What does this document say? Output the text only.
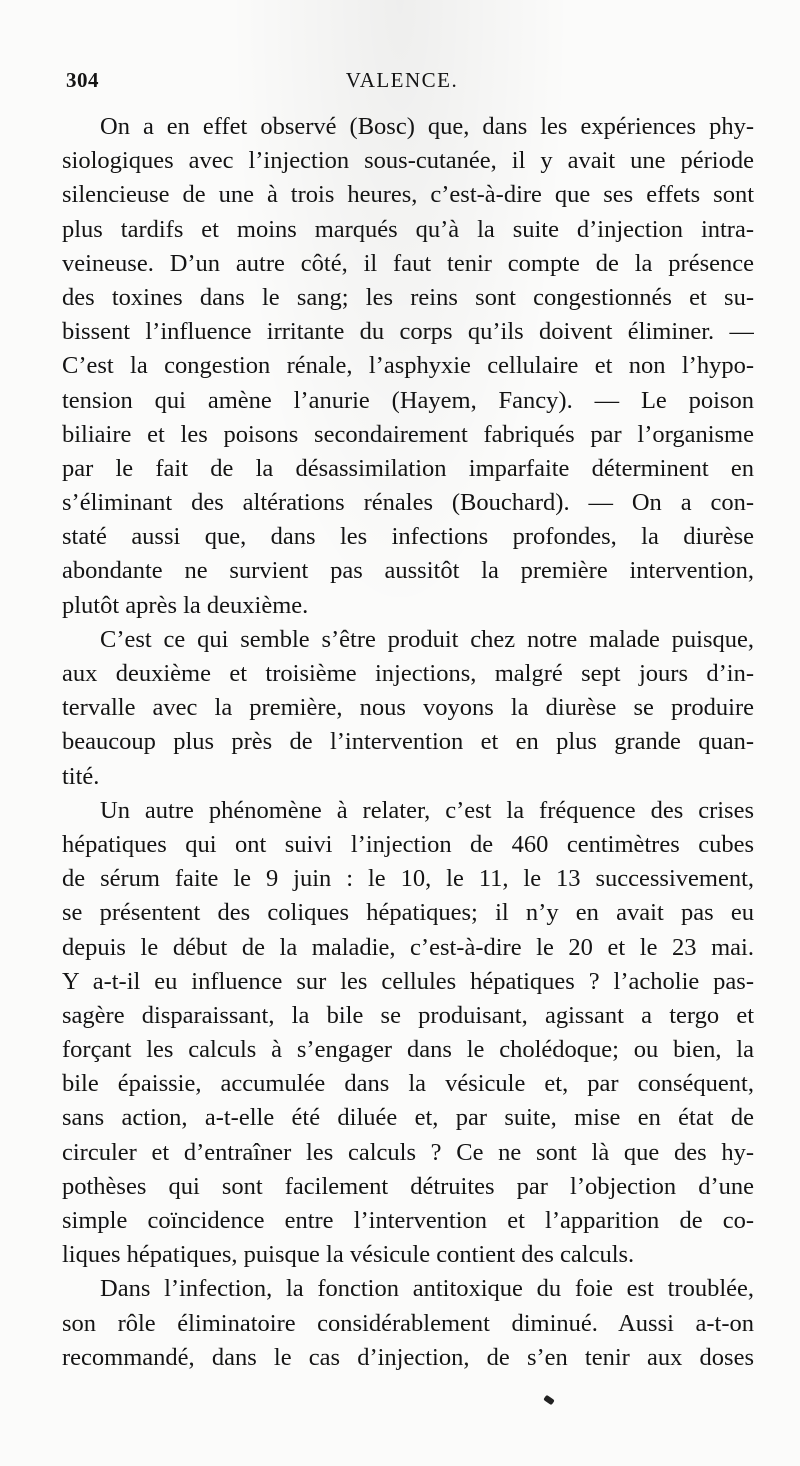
304	VALENCE.
On a en effet observé (Bosc) que, dans les expériences phy-
siologiques avec l’injection sous-cutanée, il y avait une période
silencieuse de une à trois heures, c’est-à-dire que ses effets sont
plus tardifs et moins marqués qu’à la suite d’injection intra-
veineuse. D’un autre côté, il faut tenir compte de la présence
des toxines dans le sang; les reins sont congestionnés et su-
bissent l’influence irritante du corps qu’ils doivent éliminer. —
C’est la congestion rénale, l’asphyxie cellulaire et non l’hypo-
tension qui amène l’anurie (Hayem, Fancy). — Le poison
biliaire et les poisons secondairement fabriqués par l’organisme
par le fait de la désassimilation imparfaite déterminent en
s’éliminant des altérations rénales (Bouchard). — On a con-
staté aussi que, dans les infections profondes, la diurèse
abondante ne survient pas aussitôt la première intervention,
plutôt après la deuxième.
C’est ce qui semble s’être produit chez notre malade puisque,
aux deuxième et troisième injections, malgré sept jours d’in-
tervalle avec la première, nous voyons la diurèse se produire
beaucoup plus près de l’intervention et en plus grande quan-
tité.
Un autre phénomène à relater, c’est la fréquence des crises
hépatiques qui ont suivi l’injection de 460 centimètres cubes
de sérum faite le 9 juin : le 10, le 11, le 13 successivement,
se présentent des coliques hépatiques; il n’y en avait pas eu
depuis le début de la maladie, c’est-à-dire le 20 et le 23 mai.
Y a-t-il eu influence sur les cellules hépatiques ? l’acholie pas-
sagère disparaissant, la bile se produisant, agissant a tergo et
forçant les calculs à s’engager dans le cholédoque; ou bien, la
bile épaissie, accumulée dans la vésicule et, par conséquent,
sans action, a-t-elle été diluée et, par suite, mise en état de
circuler et d’entraîner les calculs ? Ce ne sont là que des hy-
pothèses qui sont facilement détruites par l’objection d’une
simple coïncidence entre l’intervention et l’apparition de co-
liques hépatiques, puisque la vésicule contient des calculs.
Dans l’infection, la fonction antitoxique du foie est troublée,
son rôle éliminatoire considérablement diminué. Aussi a-t-on
recommandé, dans le cas d’injection, de s’en tenir aux doses
